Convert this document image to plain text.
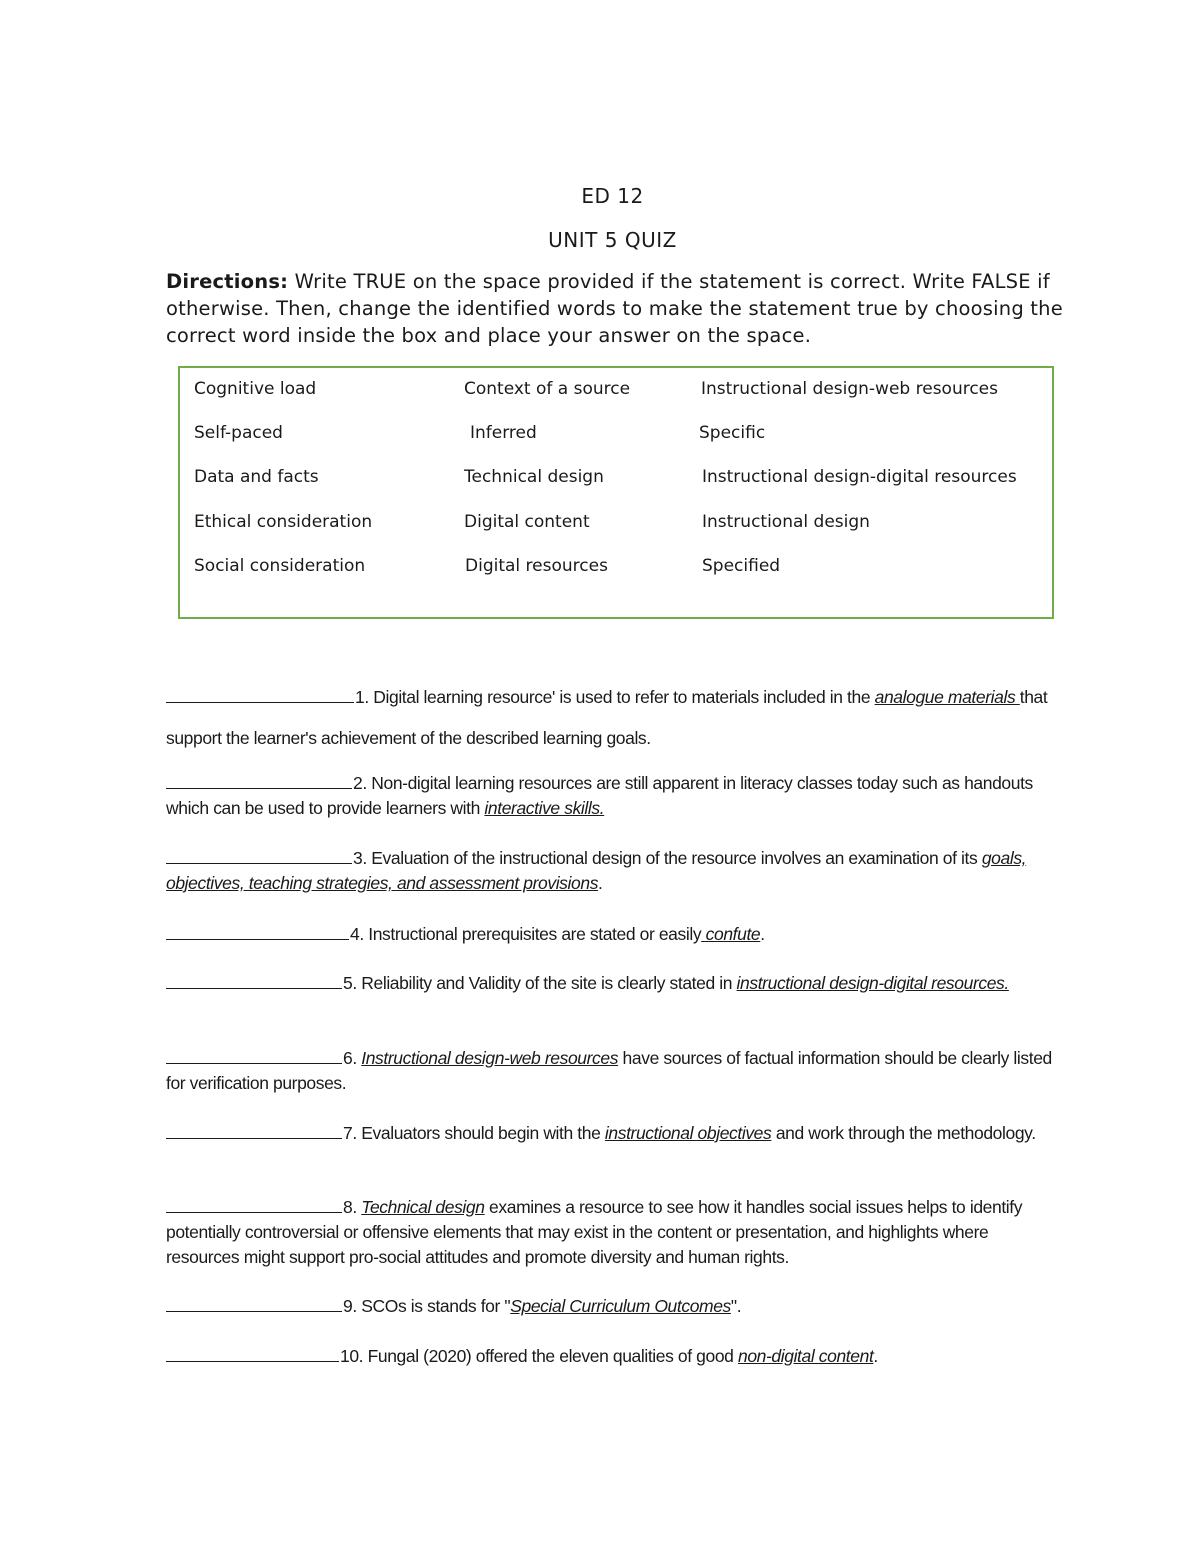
ED 12
UNIT 5 QUIZ
Directions: Write TRUE on the space provided if the statement is correct. Write FALSE if otherwise. Then, change the identified words to make the statement true by choosing the correct word inside the box and place your answer on the space.
Cognitive load	Context of a source	Instructional design-web resources
Self-paced	Inferred	Specific
Data and facts	Technical design	Instructional design-digital resources
Ethical consideration	Digital content	Instructional design
Social consideration	Digital resources	Specified
1. Digital learning resource' is used to refer to materials included in the analogue materials that support the learner's achievement of the described learning goals.
2. Non-digital learning resources are still apparent in literacy classes today such as handouts which can be used to provide learners with interactive skills.
3. Evaluation of the instructional design of the resource involves an examination of its goals, objectives, teaching strategies, and assessment provisions.
4. Instructional prerequisites are stated or easily confute.
5. Reliability and Validity of the site is clearly stated in instructional design-digital resources.
6. Instructional design-web resources have sources of factual information should be clearly listed for verification purposes.
7. Evaluators should begin with the instructional objectives and work through the methodology.
8. Technical design examines a resource to see how it handles social issues helps to identify potentially controversial or offensive elements that may exist in the content or presentation, and highlights where resources might support pro-social attitudes and promote diversity and human rights.
9. SCOs is stands for "Special Curriculum Outcomes".
10. Fungal (2020) offered the eleven qualities of good non-digital content.
